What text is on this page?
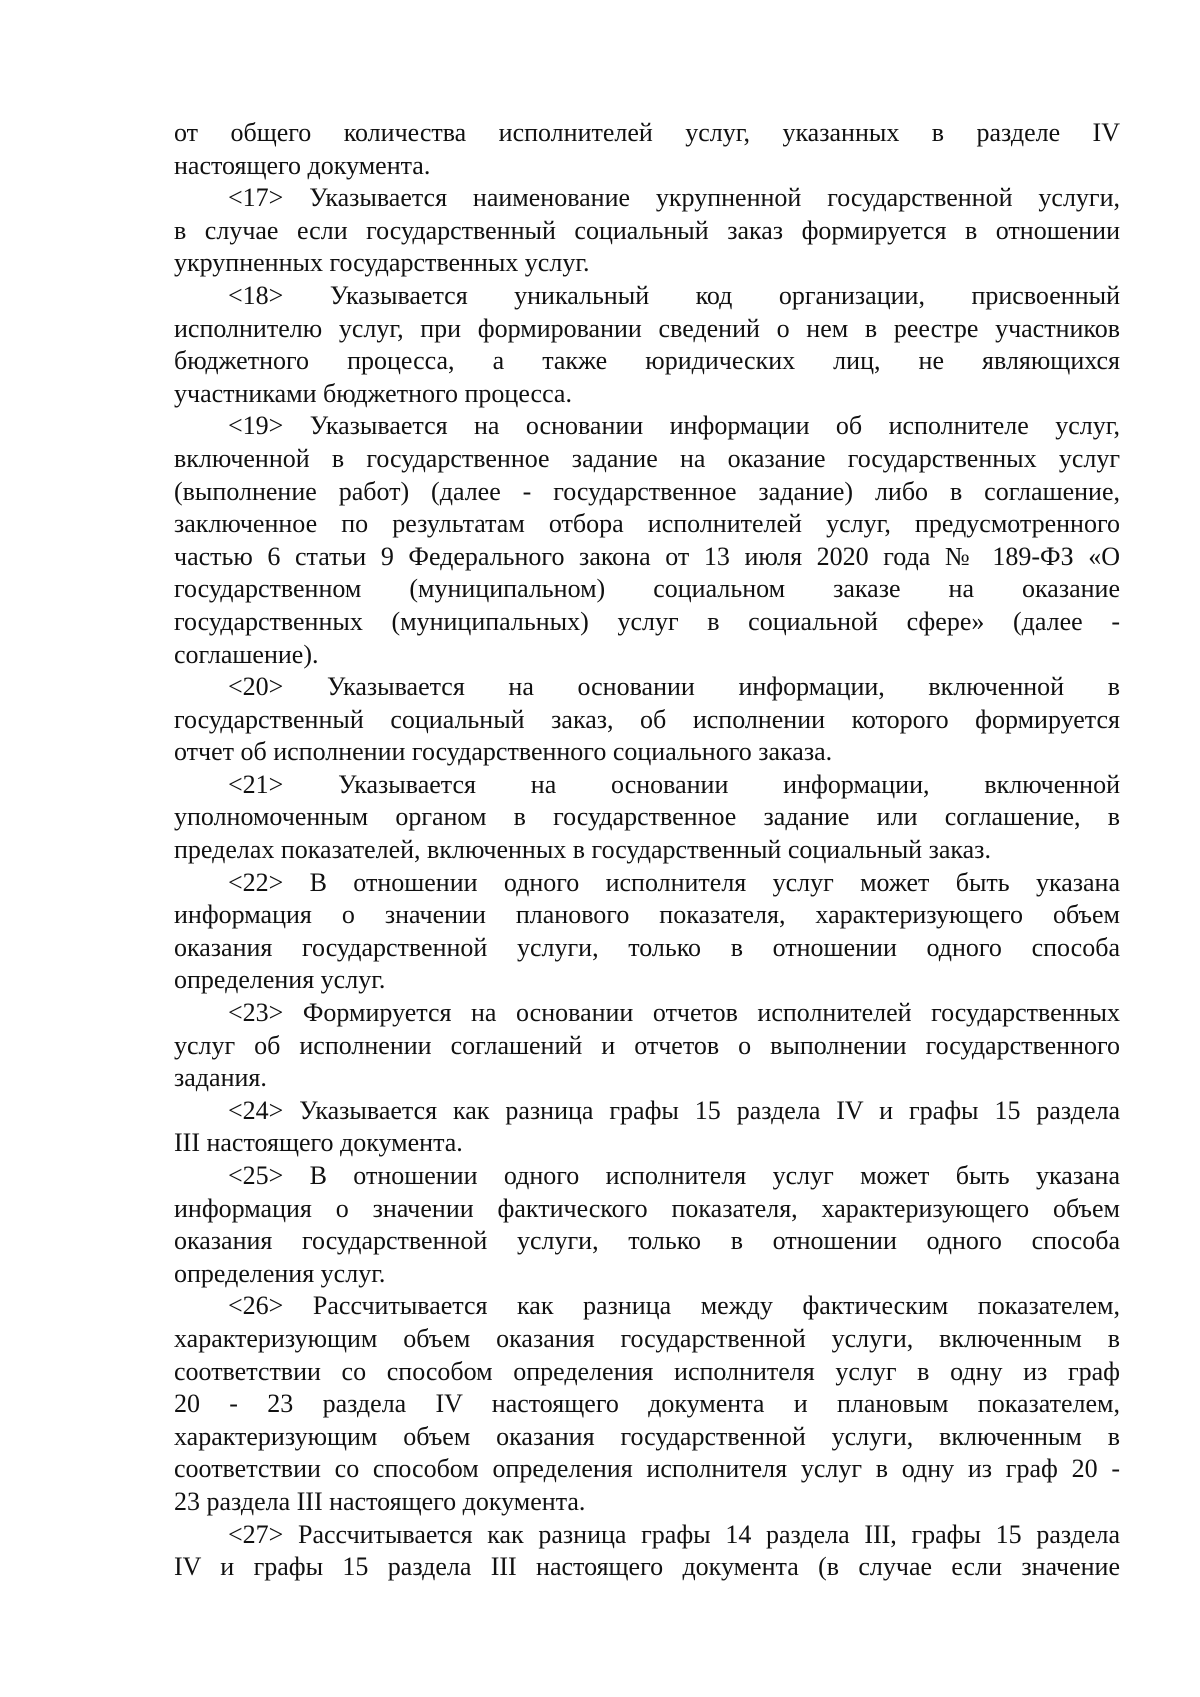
от общего количества исполнителей услуг, указанных в разделе IV
настоящего документа.
<17> Указывается наименование укрупненной государственной услуги,
в случае если государственный социальный заказ формируется в отношении
укрупненных государственных услуг.
<18> Указывается уникальный код организации, присвоенный
исполнителю услуг, при формировании сведений о нем в реестре участников
бюджетного процесса, а также юридических лиц, не являющихся
участниками бюджетного процесса.
<19> Указывается на основании информации об исполнителе услуг,
включенной в государственное задание на оказание государственных услуг
(выполнение работ) (далее - государственное задание) либо в соглашение,
заключенное по результатам отбора исполнителей услуг, предусмотренного
частью 6 статьи 9 Федерального закона от 13 июля 2020 года № 189-ФЗ «О
государственном (муниципальном) социальном заказе на оказание
государственных (муниципальных) услуг в социальной сфере» (далее -
соглашение).
<20> Указывается на основании информации, включенной в
государственный социальный заказ, об исполнении которого формируется
отчет об исполнении государственного социального заказа.
<21> Указывается на основании информации, включенной
уполномоченным органом в государственное задание или соглашение, в
пределах показателей, включенных в государственный социальный заказ.
<22> В отношении одного исполнителя услуг может быть указана
информация о значении планового показателя, характеризующего объем
оказания государственной услуги, только в отношении одного способа
определения услуг.
<23> Формируется на основании отчетов исполнителей государственных
услуг об исполнении соглашений и отчетов о выполнении государственного
задания.
<24> Указывается как разница графы 15 раздела IV и графы 15 раздела
III настоящего документа.
<25> В отношении одного исполнителя услуг может быть указана
информация о значении фактического показателя, характеризующего объем
оказания государственной услуги, только в отношении одного способа
определения услуг.
<26> Рассчитывается как разница между фактическим показателем,
характеризующим объем оказания государственной услуги, включенным в
соответствии со способом определения исполнителя услуг в одну из граф
20 - 23 раздела IV настоящего документа и плановым показателем,
характеризующим объем оказания государственной услуги, включенным в
соответствии со способом определения исполнителя услуг в одну из граф 20 -
23 раздела III настоящего документа.
<27> Рассчитывается как разница графы 14 раздела III, графы 15 раздела
IV и графы 15 раздела III настоящего документа (в случае если значение
